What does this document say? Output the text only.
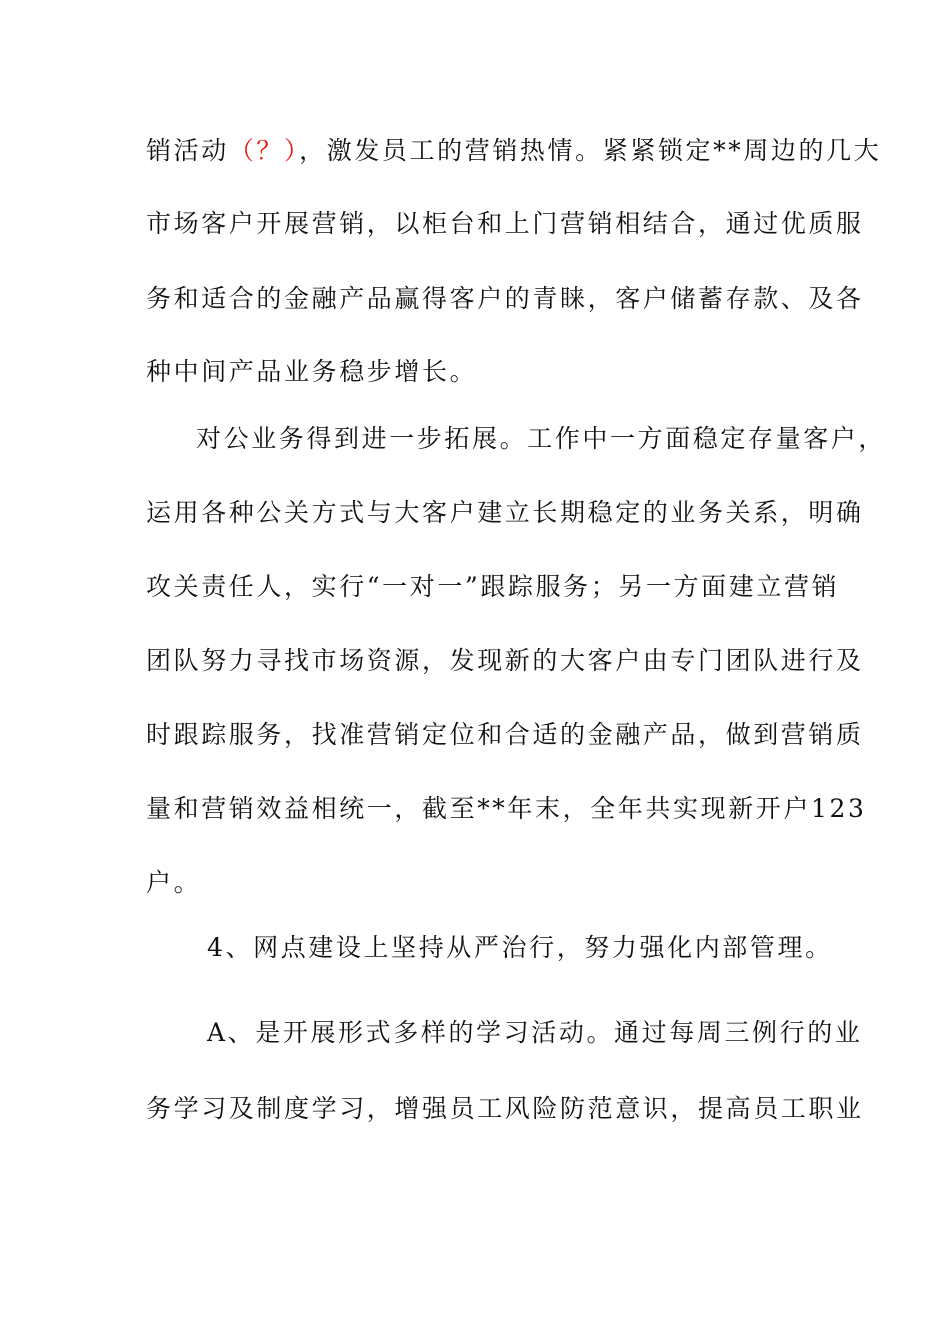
销活动（？），激发员工的营销热情。紧紧锁定**周边的几大
市场客户开展营销，以柜台和上门营销相结合，通过优质服
务和适合的金融产品赢得客户的青睐，客户储蓄存款、及各
种中间产品业务稳步增长。
对公业务得到进一步拓展。工作中一方面稳定存量客户，
运用各种公关方式与大客户建立长期稳定的业务关系，明确
攻关责任人，实行“一对一”跟踪服务；另一方面建立营销
团队努力寻找市场资源，发现新的大客户由专门团队进行及
时跟踪服务，找准营销定位和合适的金融产品，做到营销质
量和营销效益相统一，截至**年末，全年共实现新开户123
户。
4、网点建设上坚持从严治行，努力强化内部管理。
A、是开展形式多样的学习活动。通过每周三例行的业
务学习及制度学习，增强员工风险防范意识，提高员工职业
